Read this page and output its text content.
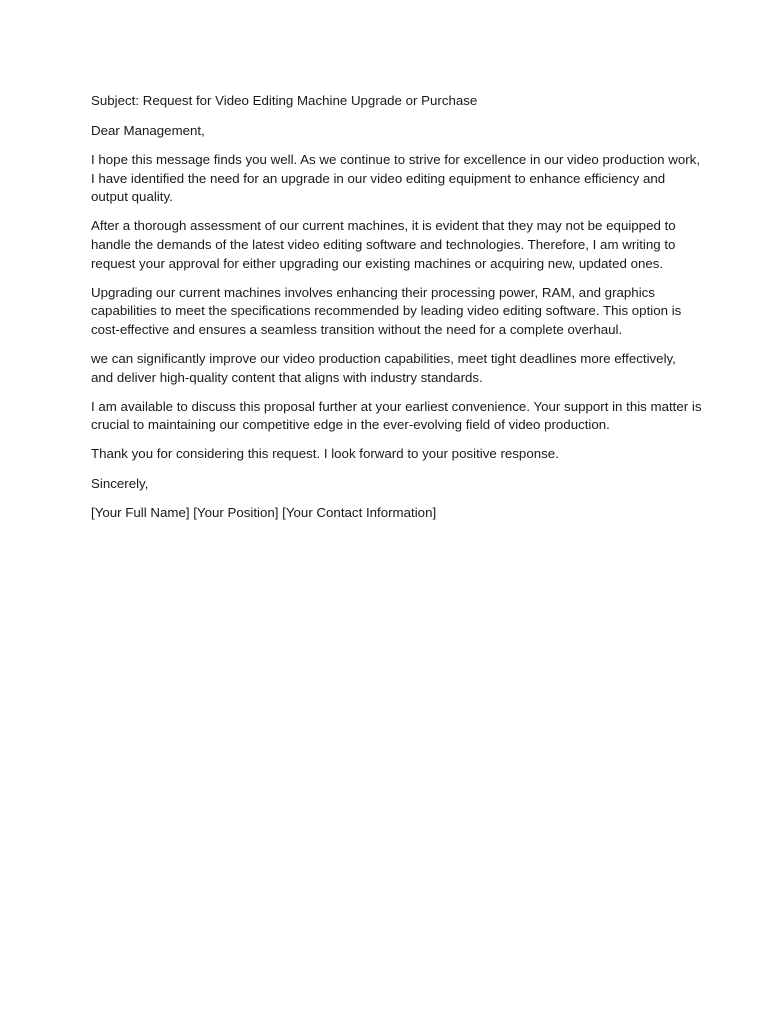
Subject: Request for Video Editing Machine Upgrade or Purchase
Dear Management,
I hope this message finds you well. As we continue to strive for excellence in our video production work,
I have identified the need for an upgrade in our video editing equipment to enhance efficiency and
output quality.
After a thorough assessment of our current machines, it is evident that they may not be equipped to
handle the demands of the latest video editing software and technologies. Therefore, I am writing to
request your approval for either upgrading our existing machines or acquiring new, updated ones.
Upgrading our current machines involves enhancing their processing power, RAM, and graphics
capabilities to meet the specifications recommended by leading video editing software. This option is
cost-effective and ensures a seamless transition without the need for a complete overhaul.
we can significantly improve our video production capabilities, meet tight deadlines more effectively,
and deliver high-quality content that aligns with industry standards.
I am available to discuss this proposal further at your earliest convenience. Your support in this matter is
crucial to maintaining our competitive edge in the ever-evolving field of video production.
Thank you for considering this request. I look forward to your positive response.
Sincerely,
[Your Full Name] [Your Position] [Your Contact Information]
